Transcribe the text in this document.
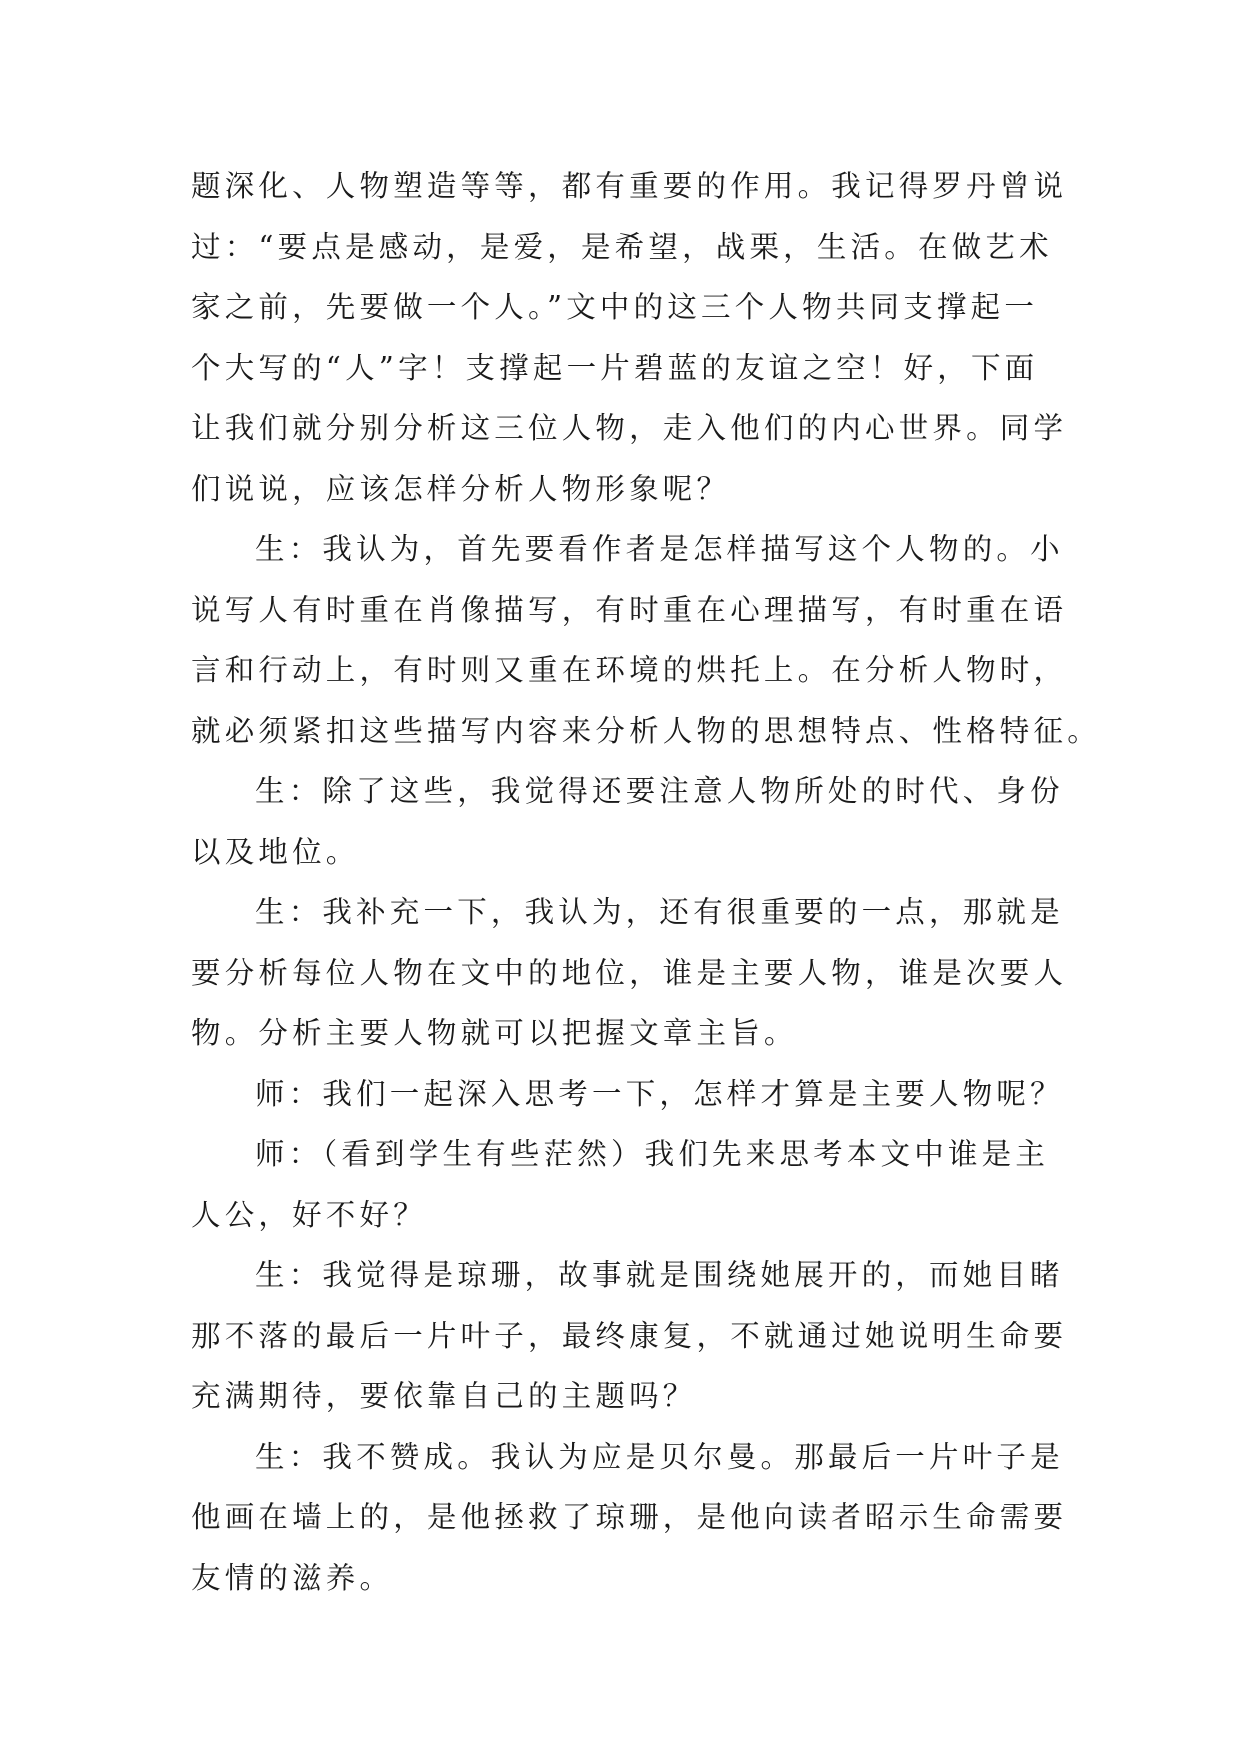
题深化、人物塑造等等，都有重要的作用。我记得罗丹曾说
过：“要点是感动，是爱，是希望，战栗，生活。在做艺术
家之前，先要做一个人。”文中的这三个人物共同支撑起一
个大写的“人”字！支撑起一片碧蓝的友谊之空！好，下面
让我们就分别分析这三位人物，走入他们的内心世界。同学
们说说，应该怎样分析人物形象呢？
生：我认为，首先要看作者是怎样描写这个人物的。小
说写人有时重在肖像描写，有时重在心理描写，有时重在语
言和行动上，有时则又重在环境的烘托上。在分析人物时，
就必须紧扣这些描写内容来分析人物的思想特点、性格特征。
生：除了这些，我觉得还要注意人物所处的时代、身份
以及地位。
生：我补充一下，我认为，还有很重要的一点，那就是
要分析每位人物在文中的地位，谁是主要人物，谁是次要人
物。分析主要人物就可以把握文章主旨。
师：我们一起深入思考一下，怎样才算是主要人物呢？
师：（看到学生有些茫然）我们先来思考本文中谁是主
人公，好不好？
生：我觉得是琼珊，故事就是围绕她展开的，而她目睹
那不落的最后一片叶子，最终康复，不就通过她说明生命要
充满期待，要依靠自己的主题吗？
生：我不赞成。我认为应是贝尔曼。那最后一片叶子是
他画在墙上的，是他拯救了琼珊，是他向读者昭示生命需要
友情的滋养。
